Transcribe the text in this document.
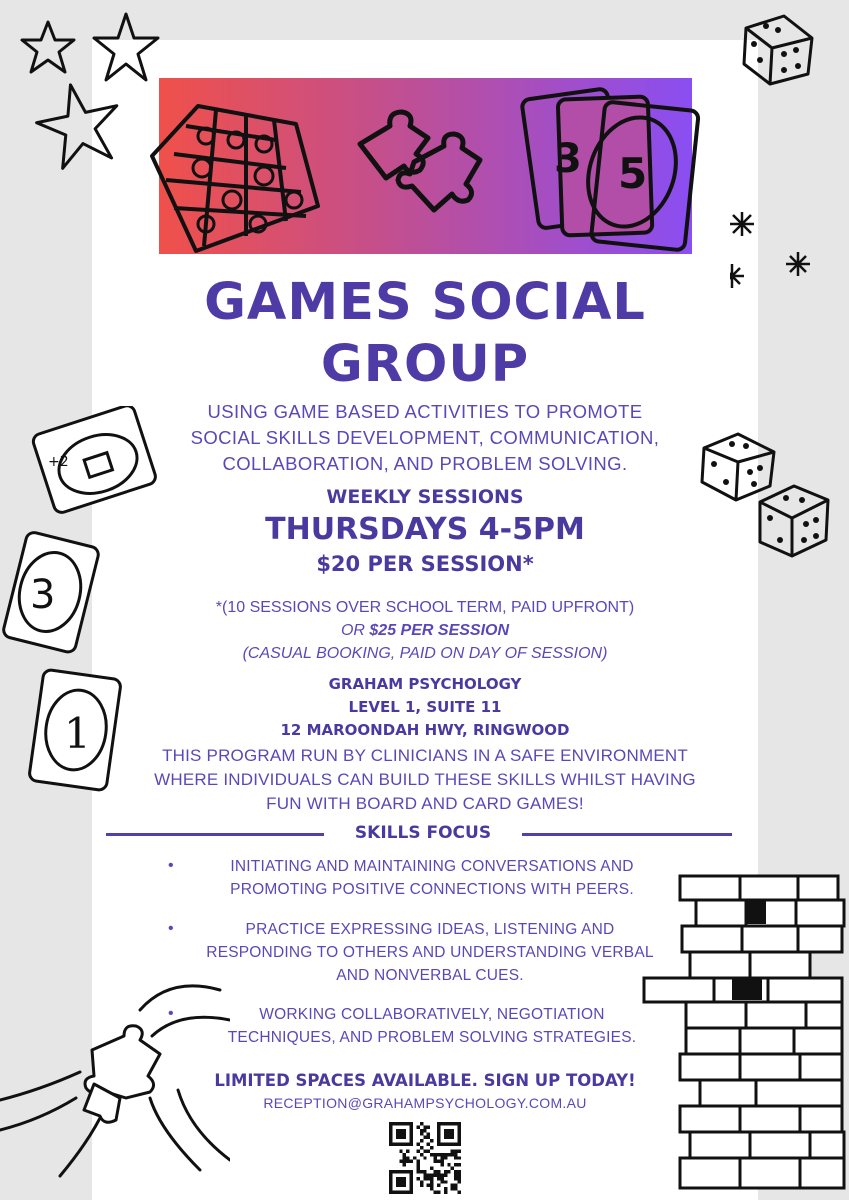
3 5
+2
3
1
GAMES SOCIAL
GROUP
USING GAME BASED ACTIVITIES TO PROMOTE
SOCIAL SKILLS DEVELOPMENT, COMMUNICATION,
COLLABORATION, AND PROBLEM SOLVING.
WEEKLY SESSIONS
THURSDAYS 4-5PM
$20 PER SESSION*
*(10 SESSIONS OVER SCHOOL TERM, PAID UPFRONT)
OR $25 PER SESSION
(CASUAL BOOKING, PAID ON DAY OF SESSION)
GRAHAM PSYCHOLOGY
LEVEL 1, SUITE 11
12 MAROONDAH HWY, RINGWOOD
THIS PROGRAM RUN BY CLINICIANS IN A SAFE ENVIRONMENT
WHERE INDIVIDUALS CAN BUILD THESE SKILLS WHILST HAVING
FUN WITH BOARD AND CARD GAMES!
SKILLS FOCUS
•	INITIATING AND MAINTAINING CONVERSATIONS AND
PROMOTING POSITIVE CONNECTIONS WITH PEERS.
•	PRACTICE EXPRESSING IDEAS, LISTENING AND
RESPONDING TO OTHERS AND UNDERSTANDING VERBAL
AND NONVERBAL CUES.
•	WORKING COLLABORATIVELY, NEGOTIATION
TECHNIQUES, AND PROBLEM SOLVING STRATEGIES.
LIMITED SPACES AVAILABLE. SIGN UP TODAY!
RECEPTION@GRAHAMPSYCHOLOGY.COM.AU
